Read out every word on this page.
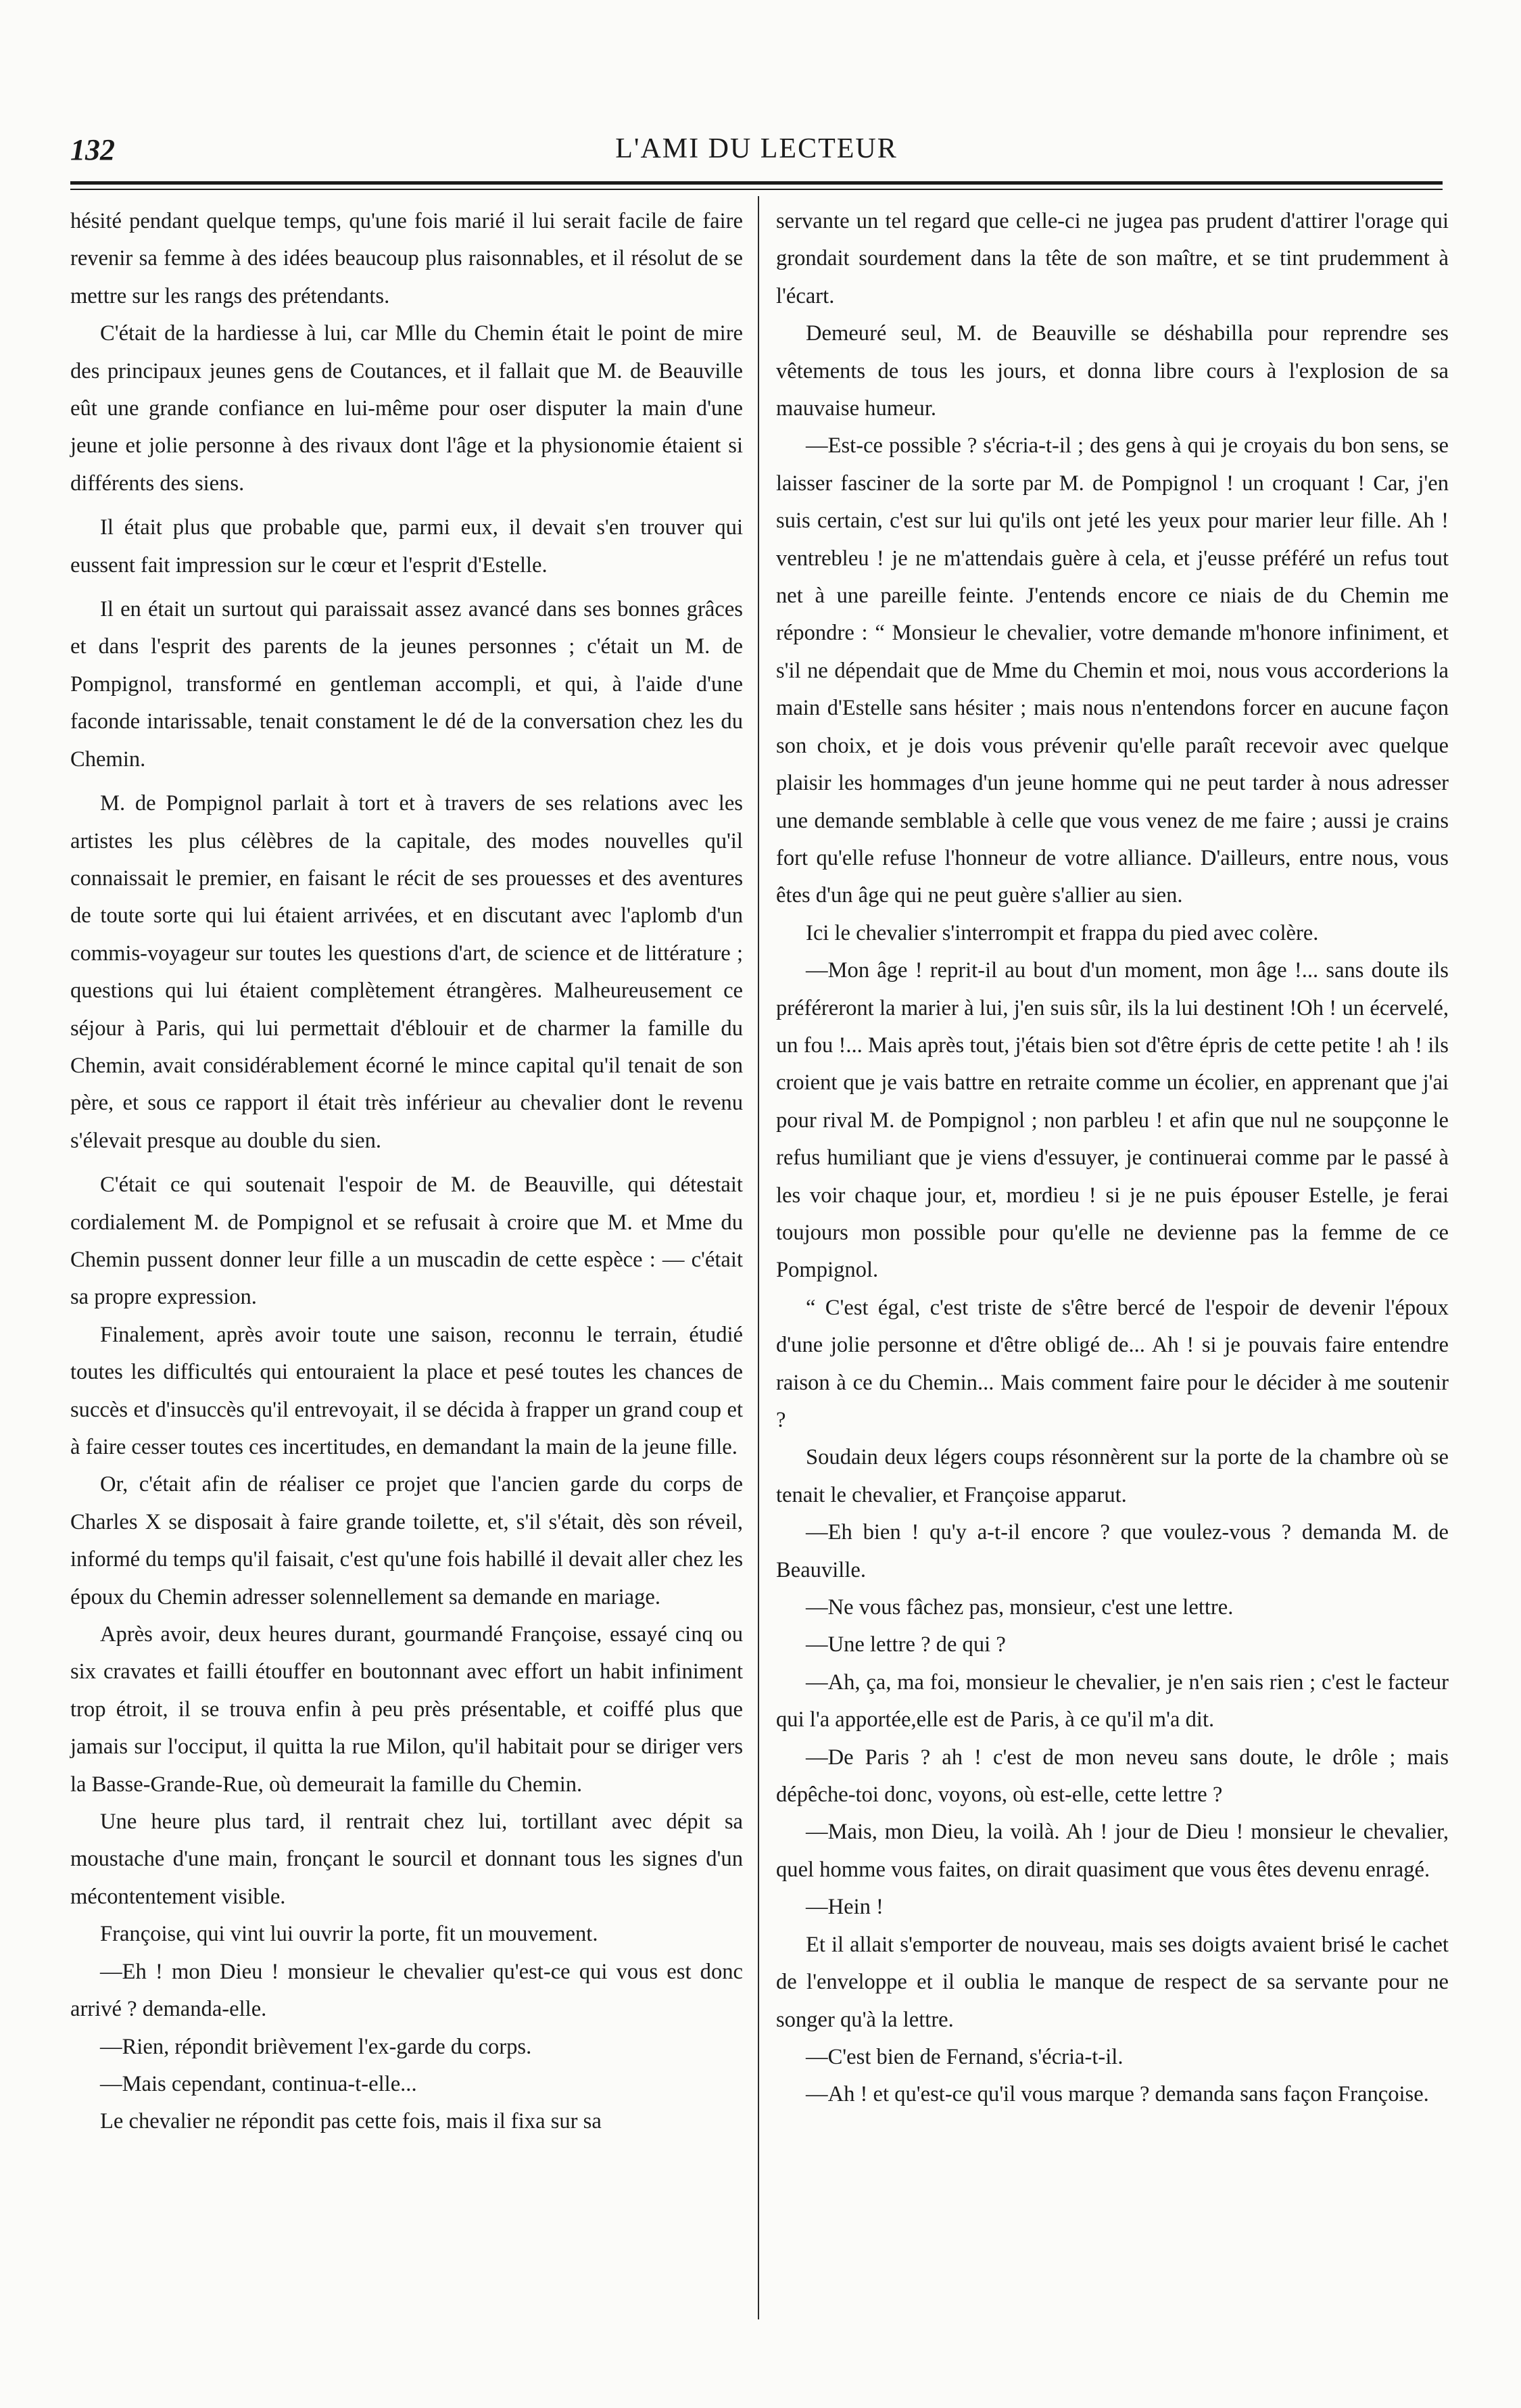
132	L'AMI DU LECTEUR

hésité pendant quelque temps, qu'une fois marié il lui serait facile de faire revenir sa femme à des idées beaucoup plus raisonnables, et il résolut de se mettre sur les rangs des prétendants.

C'était de la hardiesse à lui, car Mlle du Chemin était le point de mire des principaux jeunes gens de Coutances, et il fallait que M. de Beauville eût une grande confiance en lui-même pour oser disputer la main d'une jeune et jolie personne à des rivaux dont l'âge et la physionomie étaient si différents des siens.

Il était plus que probable que, parmi eux, il devait s'en trouver qui eussent fait impression sur le cœur et l'esprit d'Estelle.

Il en était un surtout qui paraissait assez avancé dans ses bonnes grâces et dans l'esprit des parents de la jeunes personnes ; c'était un M. de Pompignol, transformé en gentleman accompli, et qui, à l'aide d'une faconde intarissable, tenait constament le dé de la conversation chez les du Chemin.

M. de Pompignol parlait à tort et à travers de ses relations avec les artistes les plus célèbres de la capitale, des modes nouvelles qu'il connaissait le premier, en faisant le récit de ses prouesses et des aventures de toute sorte qui lui étaient arrivées, et en discutant avec l'aplomb d'un commis-voyageur sur toutes les questions d'art, de science et de littérature ; questions qui lui étaient complètement étrangères. Malheureusement ce séjour à Paris, qui lui permettait d'éblouir et de charmer la famille du Chemin, avait considérablement écorné le mince capital qu'il tenait de son père, et sous ce rapport il était très inférieur au chevalier dont le revenu s'élevait presque au double du sien.

C'était ce qui soutenait l'espoir de M. de Beauville, qui détestait cordialement M. de Pompignol et se refusait à croire que M. et Mme du Chemin pussent donner leur fille a un muscadin de cette espèce : — c'était sa propre expression.

Finalement, après avoir toute une saison, reconnu le terrain, étudié toutes les difficultés qui entouraient la place et pesé toutes les chances de succès et d'insuccès qu'il entrevoyait, il se décida à frapper un grand coup et à faire cesser toutes ces incertitudes, en demandant la main de la jeune fille.

Or, c'était afin de réaliser ce projet que l'ancien garde du corps de Charles X se disposait à faire grande toilette, et, s'il s'était, dès son réveil, informé du temps qu'il faisait, c'est qu'une fois habillé il devait aller chez les époux du Chemin adresser solennellement sa demande en mariage.

Après avoir, deux heures durant, gourmandé Françoise, essayé cinq ou six cravates et failli étouffer en boutonnant avec effort un habit infiniment trop étroit, il se trouva enfin à peu près présentable, et coiffé plus que jamais sur l'occiput, il quitta la rue Milon, qu'il habitait pour se diriger vers la Basse-Grande-Rue, où demeurait la famille du Chemin.

Une heure plus tard, il rentrait chez lui, tortillant avec dépit sa moustache d'une main, fronçant le sourcil et donnant tous les signes d'un mécontentement visible.

Françoise, qui vint lui ouvrir la porte, fit un mouvement.

—Eh ! mon Dieu ! monsieur le chevalier qu'est-ce qui vous est donc arrivé ? demanda-elle.

—Rien, répondit brièvement l'ex-garde du corps.

—Mais cependant, continua-t-elle...

Le chevalier ne répondit pas cette fois, mais il fixa sur sa

servante un tel regard que celle-ci ne jugea pas prudent d'attirer l'orage qui grondait sourdement dans la tête de son maître, et se tint prudemment à l'écart.

Demeuré seul, M. de Beauville se déshabilla pour reprendre ses vêtements de tous les jours, et donna libre cours à l'explosion de sa mauvaise humeur.

—Est-ce possible ? s'écria-t-il ; des gens à qui je croyais du bon sens, se laisser fasciner de la sorte par M. de Pompignol ! un croquant ! Car, j'en suis certain, c'est sur lui qu'ils ont jeté les yeux pour marier leur fille. Ah ! ventrebleu ! je ne m'attendais guère à cela, et j'eusse préféré un refus tout net à une pareille feinte. J'entends encore ce niais de du Chemin me répondre : “ Monsieur le chevalier, votre demande m'honore infiniment, et s'il ne dépendait que de Mme du Chemin et moi, nous vous accorderions la main d'Estelle sans hésiter ; mais nous n'entendons forcer en aucune façon son choix, et je dois vous prévenir qu'elle paraît recevoir avec quelque plaisir les hommages d'un jeune homme qui ne peut tarder à nous adresser une demande semblable à celle que vous venez de me faire ; aussi je crains fort qu'elle refuse l'honneur de votre alliance. D'ailleurs, entre nous, vous êtes d'un âge qui ne peut guère s'allier au sien.

Ici le chevalier s'interrompit et frappa du pied avec colère.

—Mon âge ! reprit-il au bout d'un moment, mon âge !... sans doute ils préféreront la marier à lui, j'en suis sûr, ils la lui destinent !Oh ! un écervelé, un fou !... Mais après tout, j'étais bien sot d'être épris de cette petite ! ah ! ils croient que je vais battre en retraite comme un écolier, en apprenant que j'ai pour rival M. de Pompignol ; non parbleu ! et afin que nul ne soupçonne le refus humiliant que je viens d'essuyer, je continuerai comme par le passé à les voir chaque jour, et, mordieu ! si je ne puis épouser Estelle, je ferai toujours mon possible pour qu'elle ne devienne pas la femme de ce Pompignol.

“ C'est égal, c'est triste de s'être bercé de l'espoir de devenir l'époux d'une jolie personne et d'être obligé de... Ah ! si je pouvais faire entendre raison à ce du Chemin... Mais comment faire pour le décider à me soutenir ?

Soudain deux légers coups résonnèrent sur la porte de la chambre où se tenait le chevalier, et Françoise apparut.

—Eh bien ! qu'y a-t-il encore ? que voulez-vous ? demanda M. de Beauville.

—Ne vous fâchez pas, monsieur, c'est une lettre.

—Une lettre ? de qui ?

—Ah, ça, ma foi, monsieur le chevalier, je n'en sais rien ; c'est le facteur qui l'a apportée,elle est de Paris, à ce qu'il m'a dit.

—De Paris ? ah ! c'est de mon neveu sans doute, le drôle ; mais dépêche-toi donc, voyons, où est-elle, cette lettre ?

—Mais, mon Dieu, la voilà. Ah ! jour de Dieu ! monsieur le chevalier, quel homme vous faites, on dirait quasiment que vous êtes devenu enragé.

—Hein !

Et il allait s'emporter de nouveau, mais ses doigts avaient brisé le cachet de l'enveloppe et il oublia le manque de respect de sa servante pour ne songer qu'à la lettre.

—C'est bien de Fernand, s'écria-t-il.

—Ah ! et qu'est-ce qu'il vous marque ? demanda sans façon Françoise.
